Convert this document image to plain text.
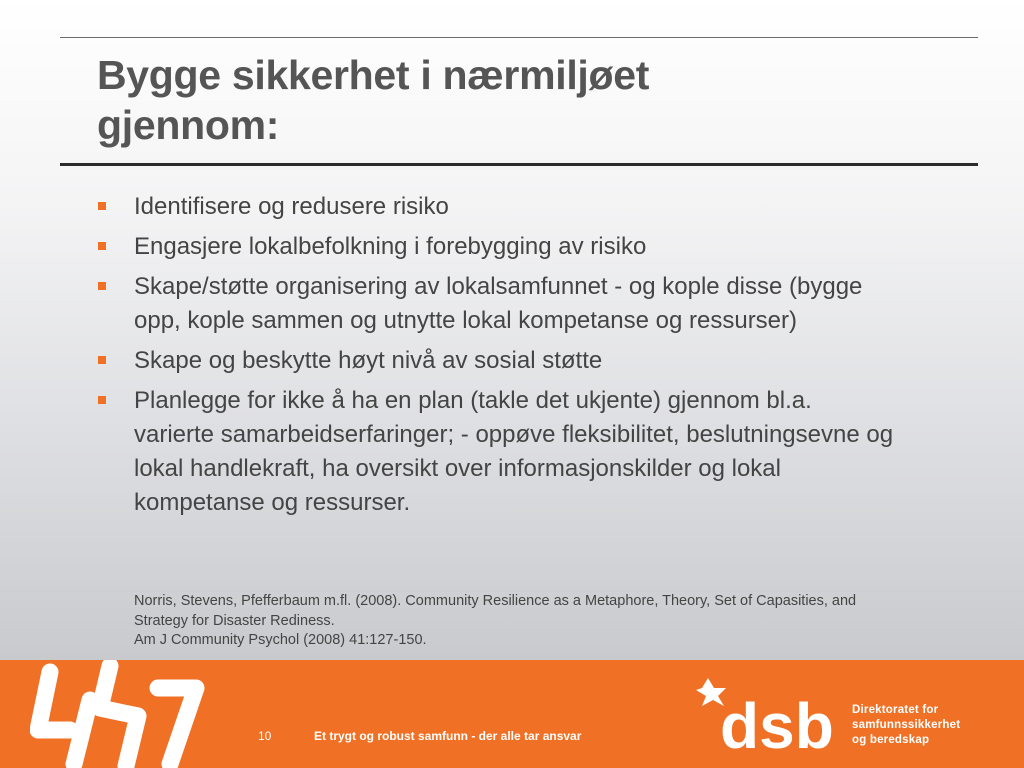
Bygge sikkerhet i nærmiljøet
gjennom:
Identifisere og redusere risiko
Engasjere lokalbefolkning i forebygging av risiko
Skape/støtte organisering av lokalsamfunnet - og kople disse (bygge opp, kople sammen og utnytte lokal kompetanse og ressurser)
Skape og beskytte høyt nivå av sosial støtte
Planlegge for ikke å ha en plan (takle det ukjente) gjennom bl.a. varierte samarbeidserfaringer; - oppøve fleksibilitet, beslutningsevne og lokal handlekraft, ha oversikt over informasjonskilder og lokal kompetanse og ressurser.
Norris, Stevens, Pfefferbaum m.fl. (2008). Community Resilience as a Metaphore, Theory, Set of Capasities, and Strategy for Disaster Rediness.
Am J Community Psychol (2008) 41:127-150.
10	Et trygt og robust samfunn - der alle tar ansvar dsb Direktoratet for
samfunnssikkerhet
og beredskap
